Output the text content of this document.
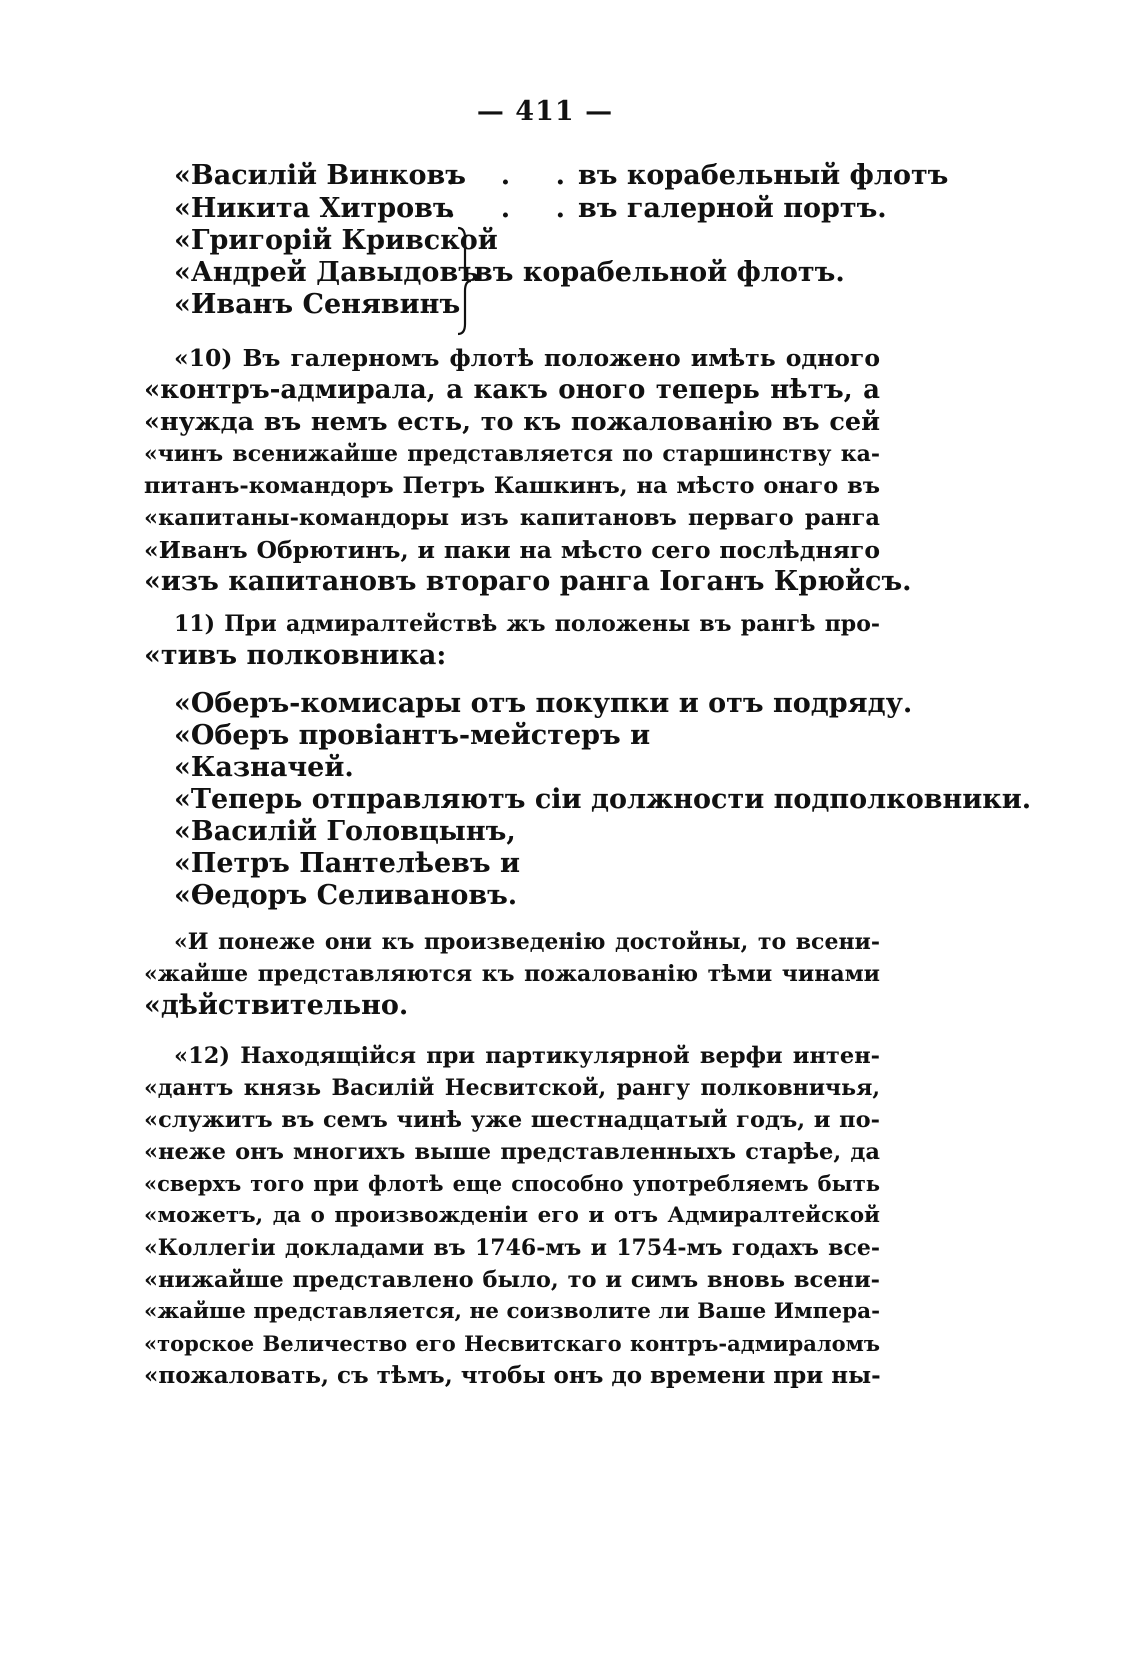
— 411 —
«Василій Винковъ
. . .
въ корабельный флотъ
«Никита Хитровъ
. . .
въ галерной портъ.
«Григорій Кривской
«Андрей Давыдовъ
«Иванъ Сенявинъ
въ корабельной флотъ.
«10) Въ галерномъ флотѣ положено имѣть одного
«контръ-адмирала, а какъ оного теперь нѣтъ, а
«нужда въ немъ есть, то къ пожалованію въ сей
«чинъ всенижайше представляется по старшинству ка-
питанъ-командоръ Петръ Кашкинъ, на мѣсто онаго въ
«капитаны-командоры изъ капитановъ перваго ранга
«Иванъ Обрютинъ, и паки на мѣсто сего послѣдняго
«изъ капитановъ втораго ранга Іоганъ Крюйсъ.
11) При адмиралтействѣ жъ положены въ рангѣ про-
«тивъ полковника:
«Оберъ-комисары отъ покупки и отъ подряду.
«Оберъ провіантъ-мейстеръ и
«Казначей.
«Теперь отправляютъ сіи должности подполковники.
«Василій Головцынъ,
«Петръ Пантелѣевъ и
«Ѳедоръ Селивановъ.
«И понеже они къ произведенію достойны, то всени-
«жайше представляются къ пожалованію тѣми чинами
«дѣйствительно.
«12) Находящійся при партикулярной верфи интен-
«дантъ князь Василій Несвитской, рангу полковничья,
«служитъ въ семъ чинѣ уже шестнадцатый годъ, и по-
«неже онъ многихъ выше представленныхъ старѣе, да
«сверхъ того при флотѣ еще способно употребляемъ быть
«можетъ, да о произвожденіи его и отъ Адмиралтейской
«Коллегіи докладами въ 1746-мъ и 1754-мъ годахъ все-
«нижайше представлено было, то и симъ вновь всени-
«жайше представляется, не соизволите ли Ваше Импера-
«торское Величество его Несвитскаго контръ-адмираломъ
«пожаловать, съ тѣмъ, чтобы онъ до времени при ны-
